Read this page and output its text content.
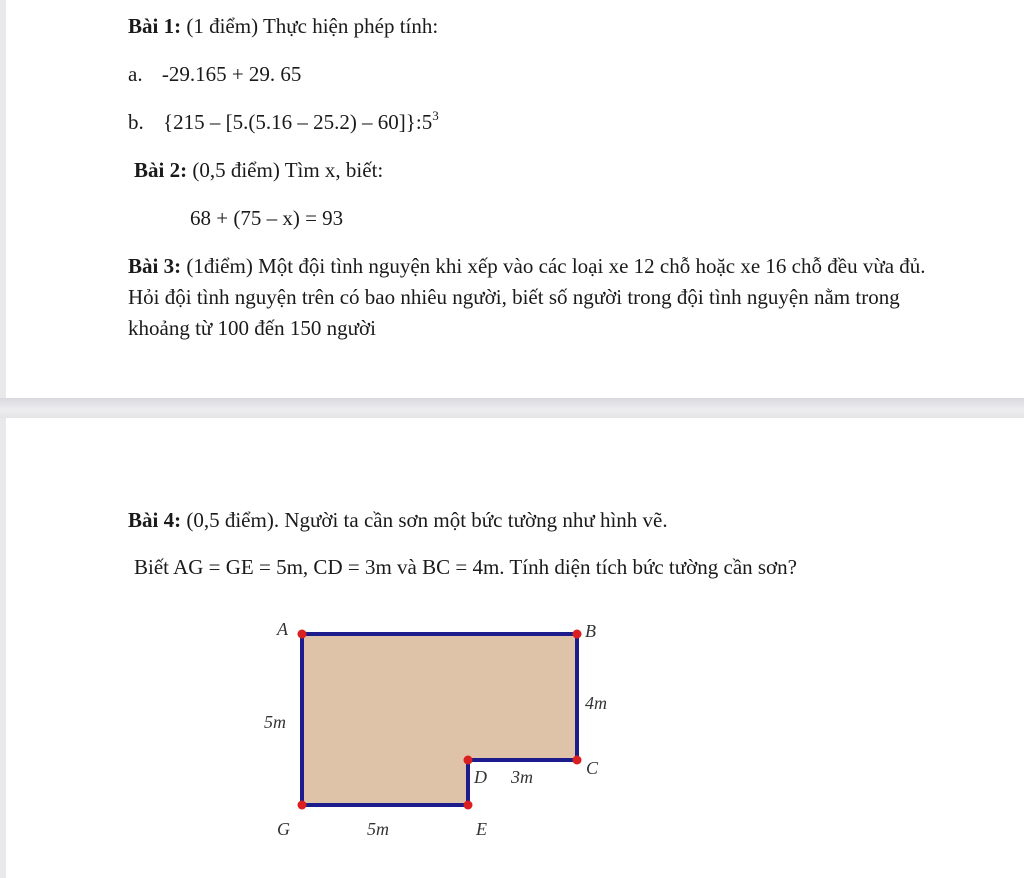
Bài 1: (1 điểm) Thực hiện phép tính:
a. -29.165 + 29. 65
b. $\{215 - [5.(5.16 - 25.2) - 60]\}:5^3$
Bài 2: (0,5 điểm) Tìm x, biết:
68 + (75 – x) = 93
Bài 3: (1điểm) Một đội tình nguyện khi xếp vào các loại xe 12 chỗ hoặc xe 16 chỗ đều vừa đủ. Hỏi đội tình nguyện trên có bao nhiêu người, biết số người trong đội tình nguyện nằm trong khoảng từ 100 đến 150 người
Bài 4: (0,5 điểm). Người ta cần sơn một bức tường như hình vẽ.
Biết AG = GE = 5m, CD = 3m và BC = 4m. Tính diện tích bức tường cần sơn?
A	B
C
D
E
G
5m
5m
3m
4m
